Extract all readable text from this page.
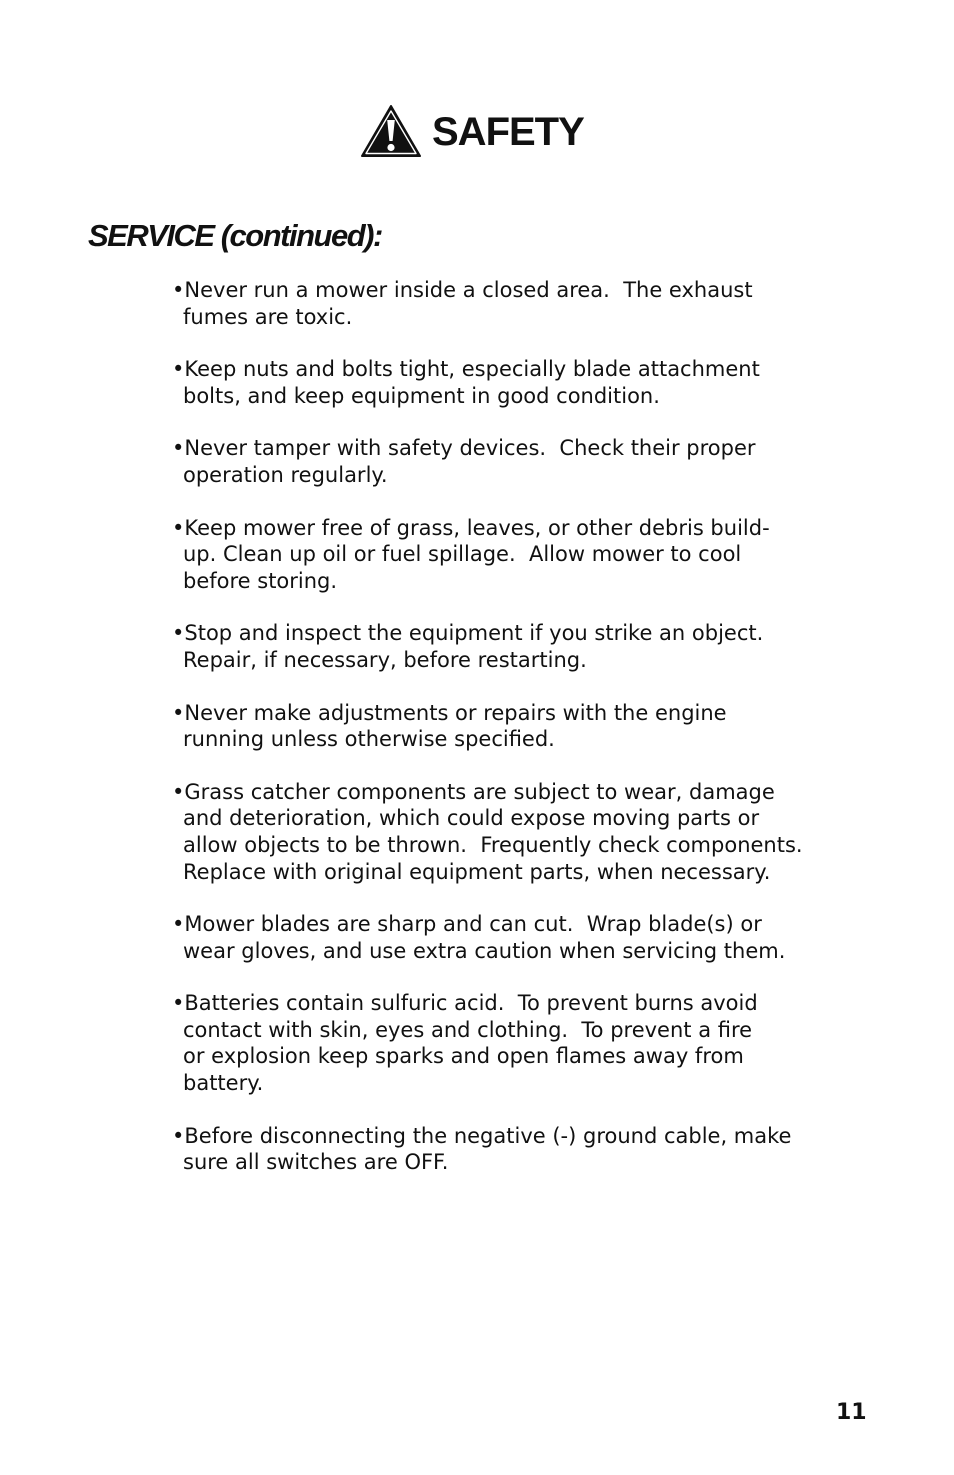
SAFETY
SERVICE (continued):
•Never run a mower inside a closed area.  The exhaust
fumes are toxic.
•Keep nuts and bolts tight, especially blade attachment
bolts, and keep equipment in good condition.
•Never tamper with safety devices.  Check their proper
operation regularly.
•Keep mower free of grass, leaves, or other debris build-
up. Clean up oil or fuel spillage.  Allow mower to cool
before storing.
•Stop and inspect the equipment if you strike an object.
Repair, if necessary, before restarting.
•Never make adjustments or repairs with the engine
running unless otherwise specified.
•Grass catcher components are subject to wear, damage
and deterioration, which could expose moving parts or
allow objects to be thrown.  Frequently check components.
Replace with original equipment parts, when necessary.
•Mower blades are sharp and can cut.  Wrap blade(s) or
wear gloves, and use extra caution when servicing them.
•Batteries contain sulfuric acid.  To prevent burns avoid
contact with skin, eyes and clothing.  To prevent a fire
or explosion keep sparks and open flames away from
battery.
•Before disconnecting the negative (-) ground cable, make
sure all switches are OFF.
11
